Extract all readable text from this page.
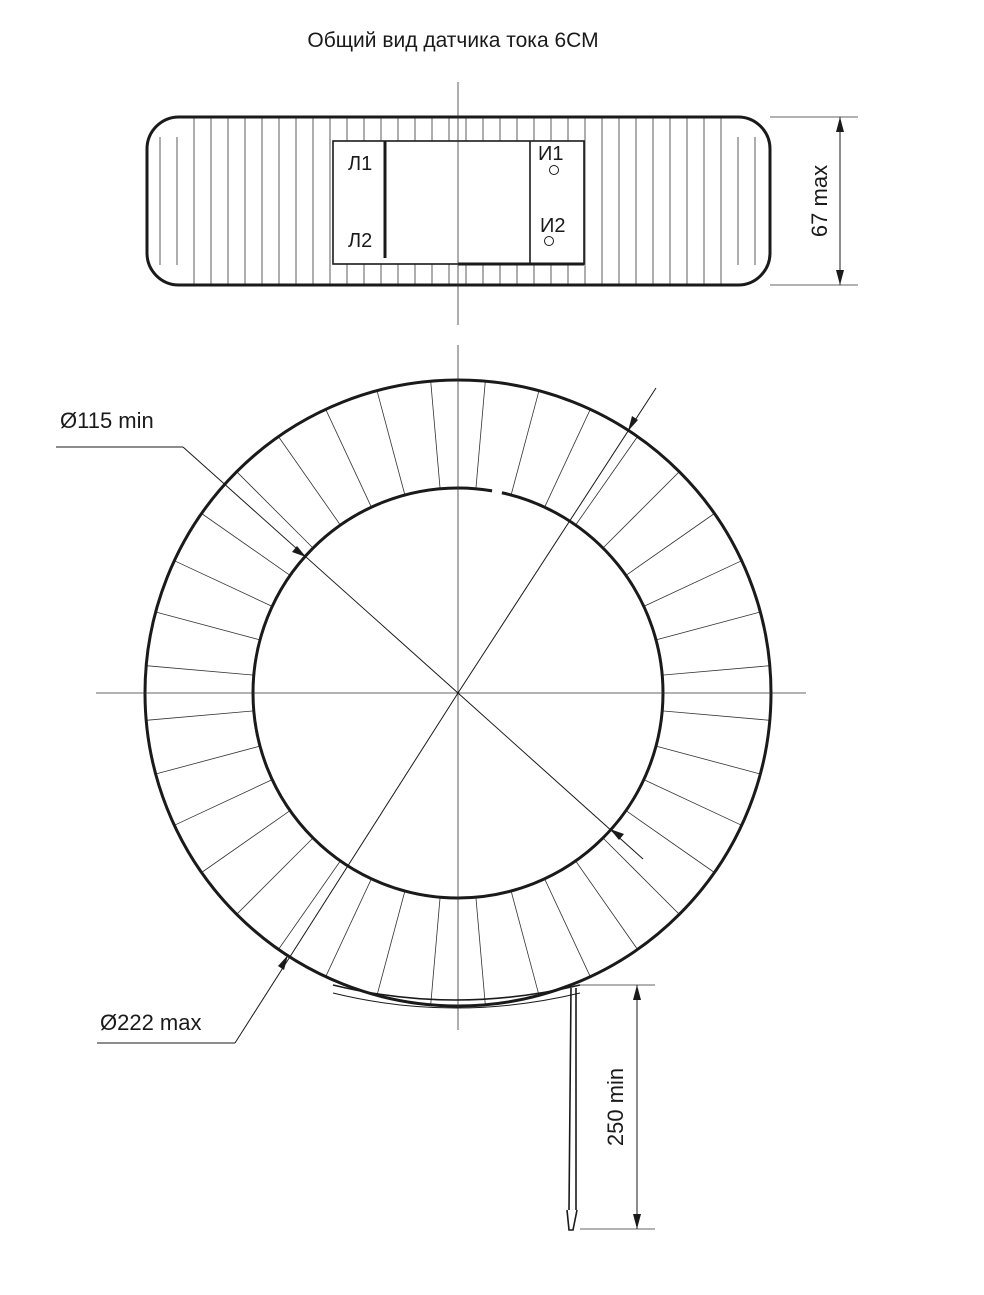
Общий вид датчика тока 6СМ
Л1
Л2
И1
И2	67 max
Ø115 min
Ø222 max
250 min
